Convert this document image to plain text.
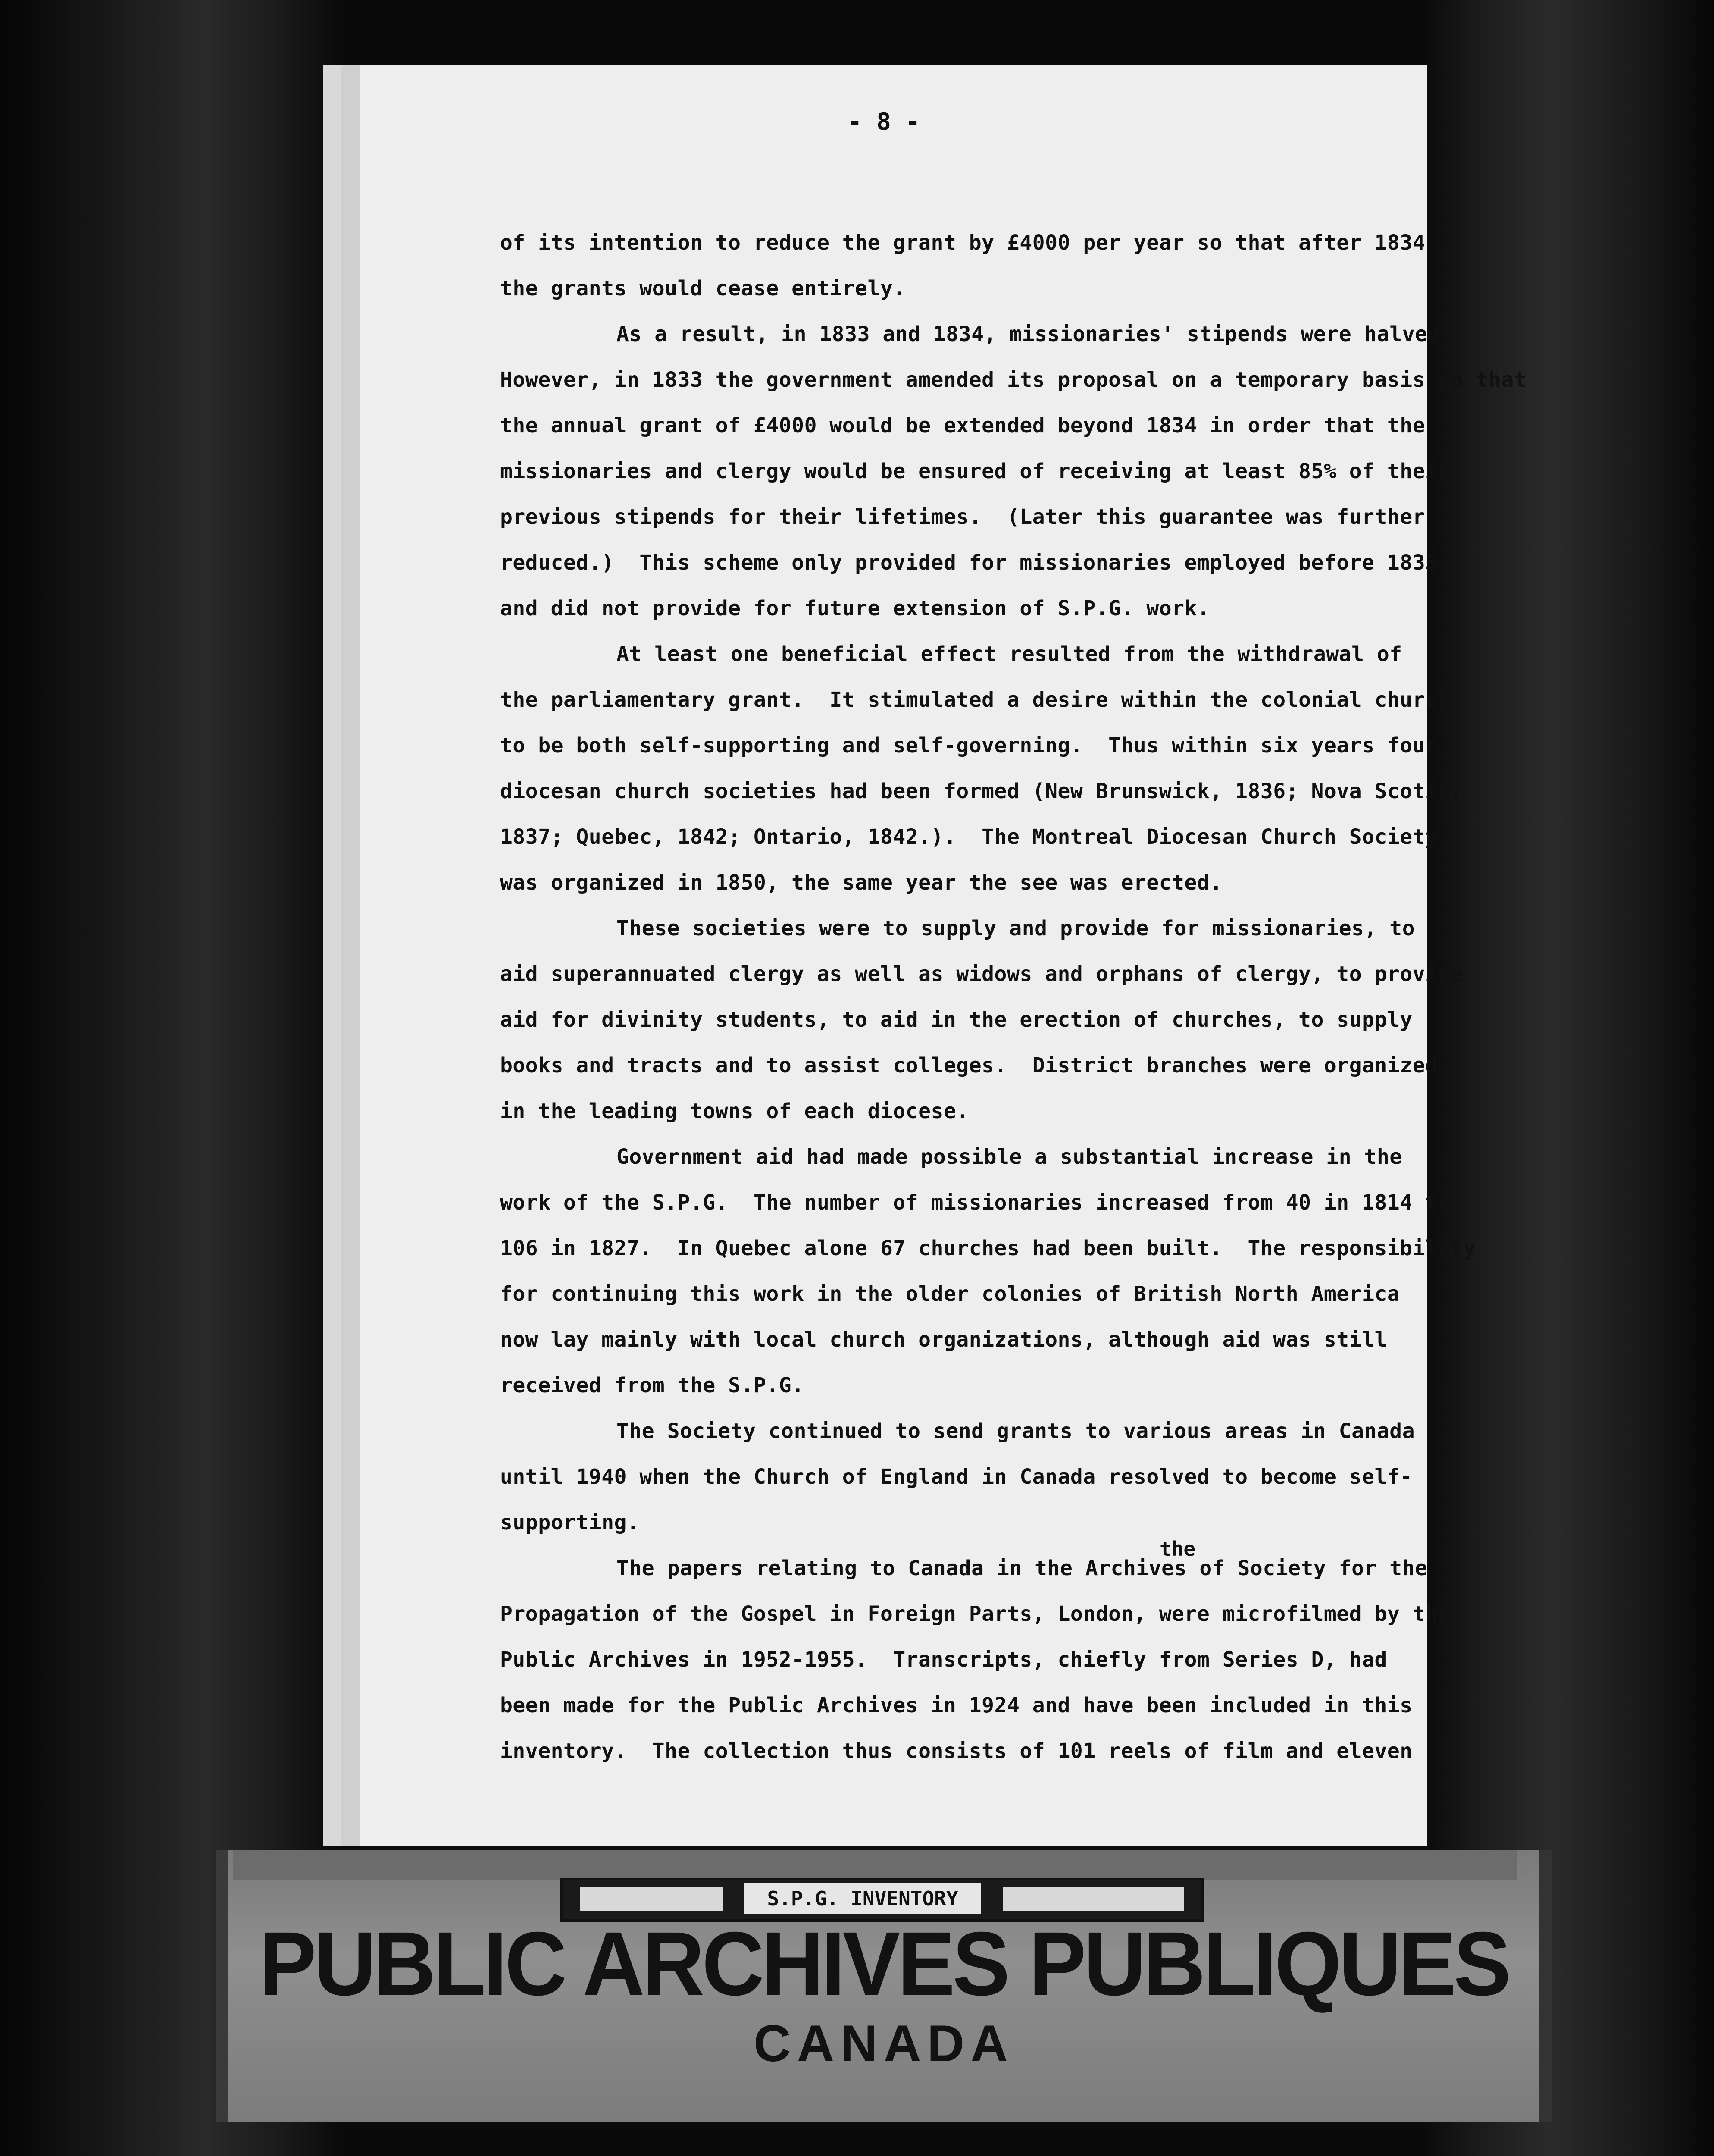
- 8 -
of its intention to reduce the grant by £4000 per year so that after 1834
the grants would cease entirely.
As a result, in 1833 and 1834, missionaries' stipends were halved.
However, in 1833 the government amended its proposal on a temporary basis so that
the annual grant of £4000 would be extended beyond 1834 in order that the
missionaries and clergy would be ensured of receiving at least 85% of their
previous stipends for their lifetimes.  (Later this guarantee was further
reduced.)  This scheme only provided for missionaries employed before 1833
and did not provide for future extension of S.P.G. work.
At least one beneficial effect resulted from the withdrawal of
the parliamentary grant.  It stimulated a desire within the colonial church
to be both self-supporting and self-governing.  Thus within six years four
diocesan church societies had been formed (New Brunswick, 1836; Nova Scotia,
1837; Quebec, 1842; Ontario, 1842.).  The Montreal Diocesan Church Society
was organized in 1850, the same year the see was erected.
These societies were to supply and provide for missionaries, to
aid superannuated clergy as well as widows and orphans of clergy, to provide
aid for divinity students, to aid in the erection of churches, to supply
books and tracts and to assist colleges.  District branches were organized
in the leading towns of each diocese.
Government aid had made possible a substantial increase in the
work of the S.P.G.  The number of missionaries increased from 40 in 1814 to
106 in 1827.  In Quebec alone 67 churches had been built.  The responsibility
for continuing this work in the older colonies of British North America
now lay mainly with local church organizations, although aid was still
received from the S.P.G.
The Society continued to send grants to various areas in Canada
until 1940 when the Church of England in Canada resolved to become self-
supporting.
The papers relating to Canada in the Archives of Society for the
Propagation of the Gospel in Foreign Parts, London, were microfilmed by the
Public Archives in 1952-1955.  Transcripts, chiefly from Series D, had
been made for the Public Archives in 1924 and have been included in this
inventory.  The collection thus consists of 101 reels of film and eleven
the
S.P.G. INVENTORY
PUBLIC ARCHIVES PUBLIQUES
CANADA
